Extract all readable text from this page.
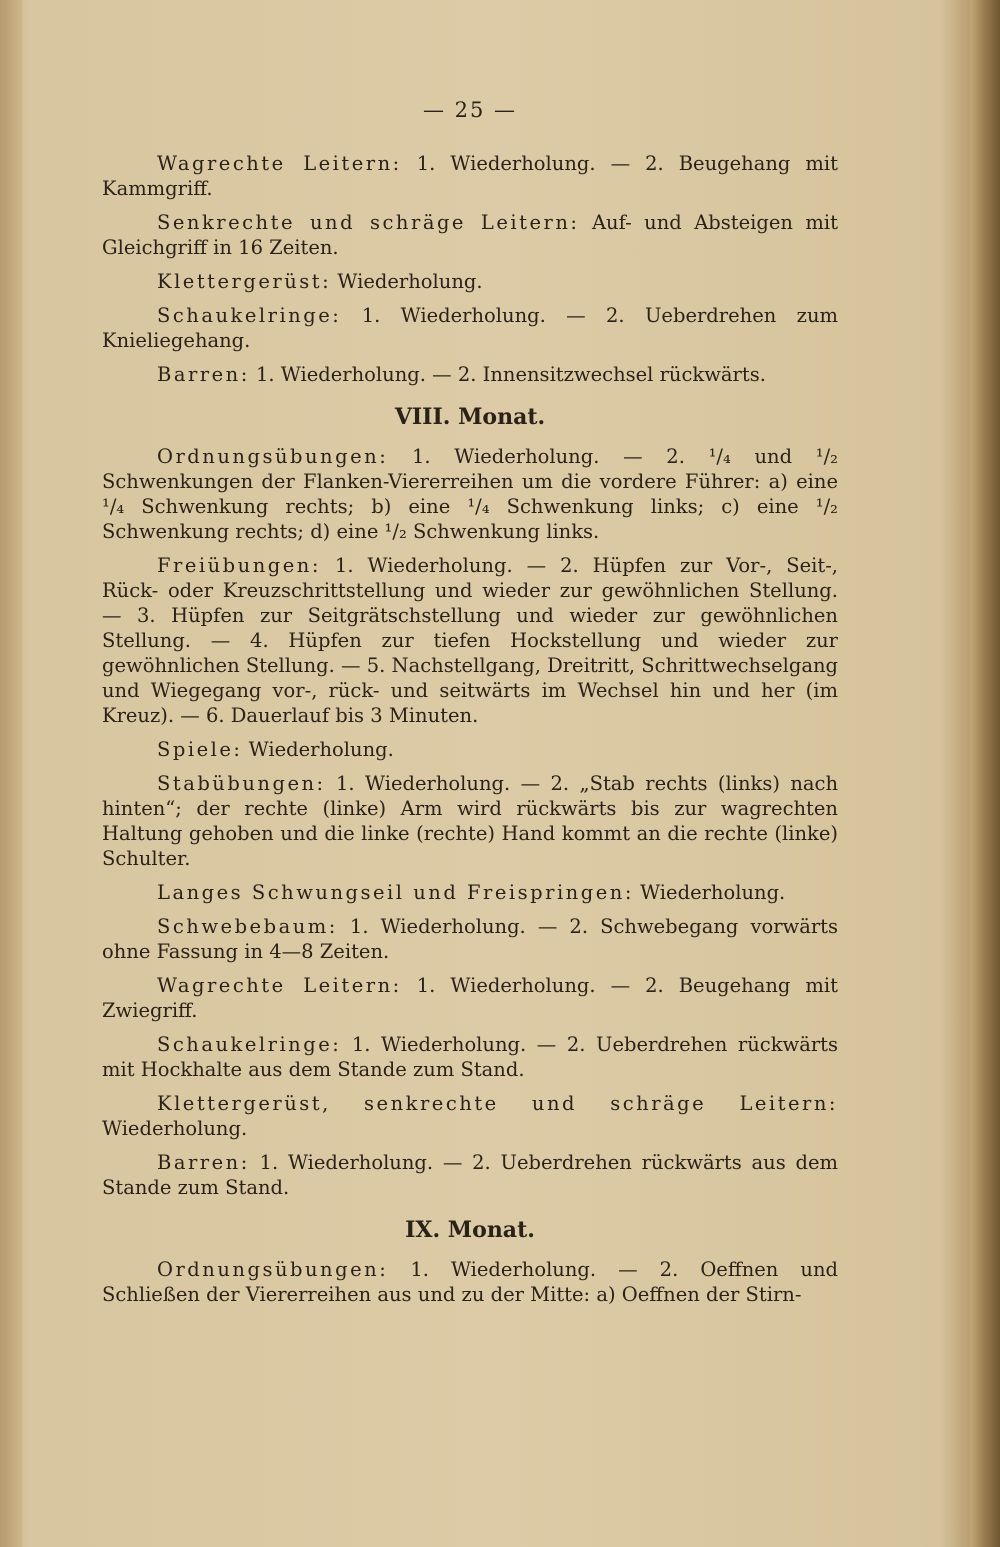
— 25 —

Wagrechte Leitern: 1. Wiederholung. — 2. Beugehang mit Kammgriff.

Senkrechte und schräge Leitern: Auf- und Absteigen mit Gleichgriff in 16 Zeiten.

Klettergerüst: Wiederholung.

Schaukelringe: 1. Wiederholung. — 2. Ueberdrehen zum Knieliegehang.

Barren: 1. Wiederholung. — 2. Innensitzwechsel rückwärts.

VIII. Monat.

Ordnungsübungen: 1. Wiederholung. — 2. ¹/₄ und ¹/₂ Schwenkungen der Flanken-Viererreihen um die vordere Führer: a) eine ¹/₄ Schwenkung rechts; b) eine ¹/₄ Schwenkung links; c) eine ¹/₂ Schwenkung rechts; d) eine ¹/₂ Schwenkung links.

Freiübungen: 1. Wiederholung. — 2. Hüpfen zur Vor-, Seit-, Rück- oder Kreuzschrittstellung und wieder zur gewöhnlichen Stellung. — 3. Hüpfen zur Seitgrätschstellung und wieder zur gewöhnlichen Stellung. — 4. Hüpfen zur tiefen Hockstellung und wieder zur gewöhnlichen Stellung. — 5. Nachstellgang, Dreitritt, Schrittwechselgang und Wiegegang vor-, rück- und seitwärts im Wechsel hin und her (im Kreuz). — 6. Dauerlauf bis 3 Minuten.

Spiele: Wiederholung.

Stabübungen: 1. Wiederholung. — 2. „Stab rechts (links) nach hinten“; der rechte (linke) Arm wird rückwärts bis zur wagrechten Haltung gehoben und die linke (rechte) Hand kommt an die rechte (linke) Schulter.

Langes Schwungseil und Freispringen: Wiederholung.

Schwebebaum: 1. Wiederholung. — 2. Schwebegang vorwärts ohne Fassung in 4—8 Zeiten.

Wagrechte Leitern: 1. Wiederholung. — 2. Beugehang mit Zwiegriff.

Schaukelringe: 1. Wiederholung. — 2. Ueberdrehen rückwärts mit Hockhalte aus dem Stande zum Stand.

Klettergerüst, senkrechte und schräge Leitern: Wiederholung.

Barren: 1. Wiederholung. — 2. Ueberdrehen rückwärts aus dem Stande zum Stand.

IX. Monat.

Ordnungsübungen: 1. Wiederholung. — 2. Oeffnen und Schließen der Viererreihen aus und zu der Mitte: a) Oeffnen der Stirn-
